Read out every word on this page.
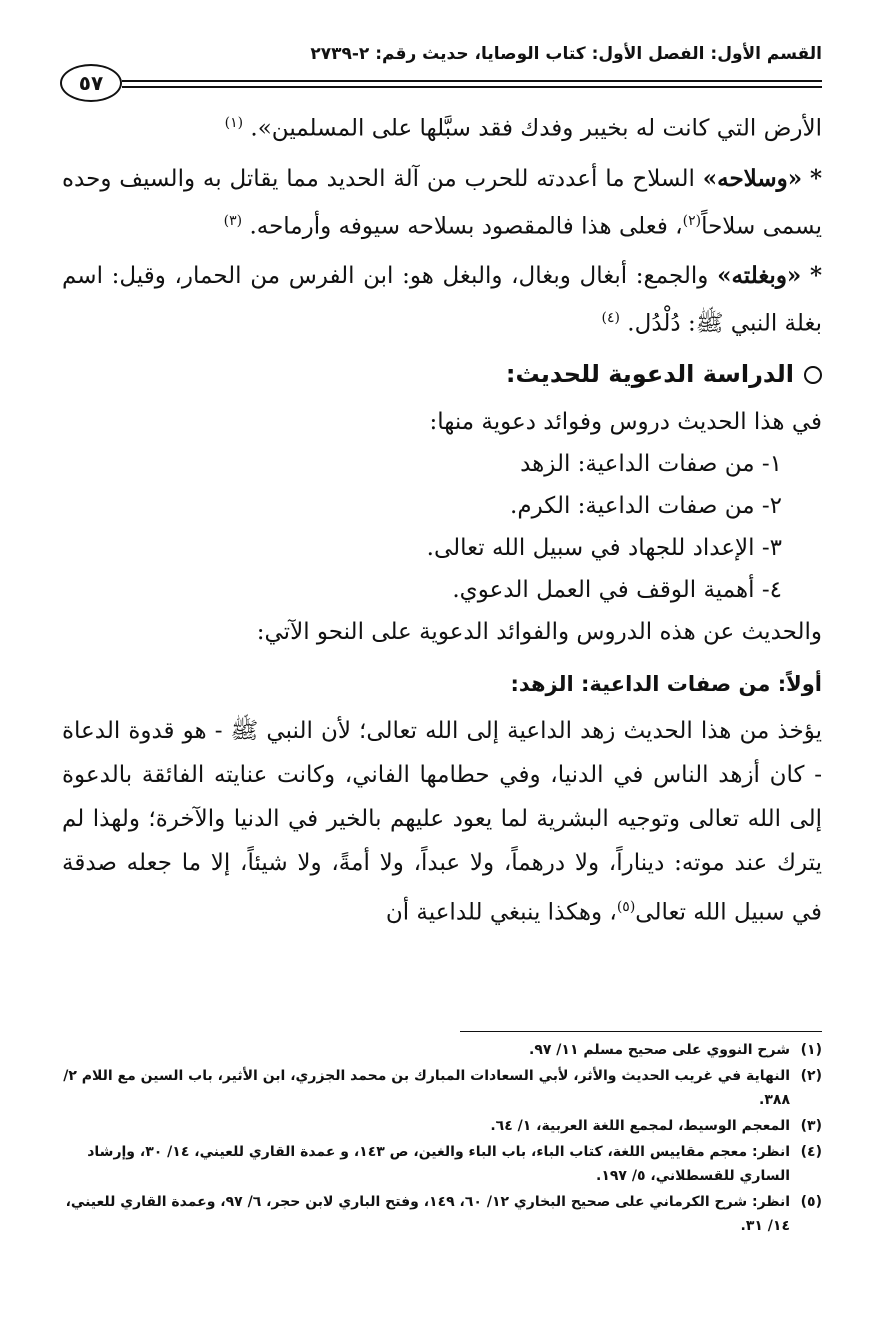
القسم الأول: الفصل الأول: كتاب الوصايا، حديث رقم: ٢-٢٧٣٩
٥٧

الأرض التي كانت له بخيبر وفدك فقد سبَّلها على المسلمين». $^{(١)}$

* «وسلاحه» السلاح ما أعددته للحرب من آلة الحديد مما يقاتل به والسيف وحده يسمى سلاحاً$^{(٢)}$، فعلى هذا فالمقصود بسلاحه سيوفه وأرماحه. $^{(٣)}$

* «وبغلته» والجمع: أبغال وبغال، والبغل هو: ابن الفرس من الحمار، وقيل: اسم بغلة النبي ﷺ: دُلْدُل. $^{(٤)}$

الدراسة الدعوية للحديث:

في هذا الحديث دروس وفوائد دعوية منها:

١- من صفات الداعية: الزهد

٢- من صفات الداعية: الكرم.

٣- الإعداد للجهاد في سبيل الله تعالى.

٤- أهمية الوقف في العمل الدعوي.

والحديث عن هذه الدروس والفوائد الدعوية على النحو الآتي:

أولاً: من صفات الداعية: الزهد:

يؤخذ من هذا الحديث زهد الداعية إلى الله تعالى؛ لأن النبي ﷺ - هو قدوة الدعاة - كان أزهد الناس في الدنيا، وفي حطامها الفاني، وكانت عنايته الفائقة بالدعوة إلى الله تعالى وتوجيه البشرية لما يعود عليهم بالخير في الدنيا والآخرة؛ ولهذا لم يترك عند موته: ديناراً، ولا درهماً، ولا عبداً، ولا أمةً، ولا شيئاً، إلا ما جعله صدقة في سبيل الله تعالى$^{(٥)}$، وهكذا ينبغي للداعية أن

(١)
شرح النووي على صحيح مسلم ١١/ ٩٧.

(٢)
النهاية في غريب الحديث والأثر، لأبي السعادات المبارك بن محمد الجزري، ابن الأثير، باب السين مع اللام ٢/ ٣٨٨.

(٣)
المعجم الوسيط، لمجمع اللغة العربية، ١/ ٦٤.

(٤)
انظر: معجم مقاييس اللغة، كتاب الباء، باب الباء والغين، ص ١٤٣، و عمدة القاري للعيني، ١٤/ ٣٠، وإرشاد الساري للقسطلاني، ٥/ ١٩٧.

(٥)
انظر: شرح الكرماني على صحيح البخاري ١٢/ ٦٠، ١٤٩، وفتح الباري لابن حجر، ٦/ ٩٧، وعمدة القاري للعيني، ١٤/ ٣١.
